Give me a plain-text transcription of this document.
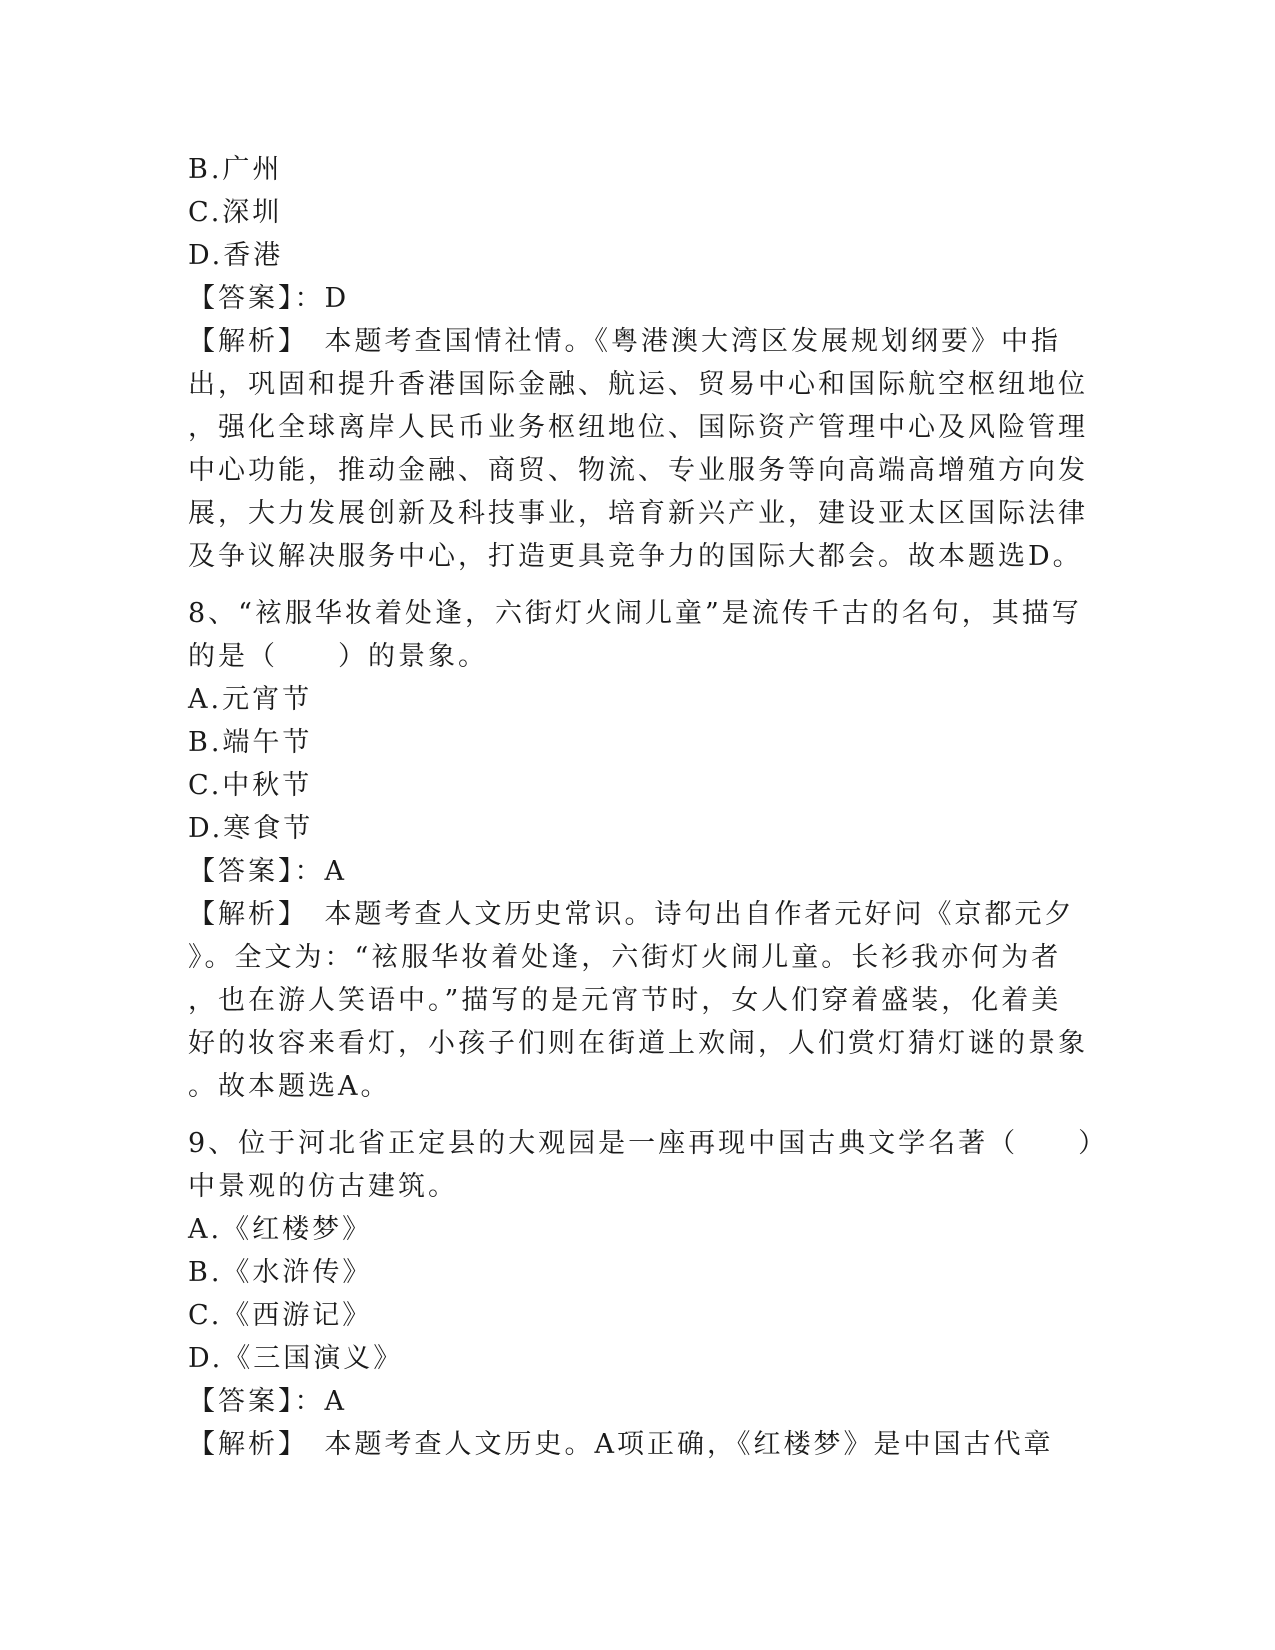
B.广州
C.深圳
D.香港
【答案】：D
【解析】　本题考查国情社情。《粤港澳大湾区发展规划纲要》中指
出，巩固和提升香港国际金融、航运、贸易中心和国际航空枢纽地位
，强化全球离岸人民币业务枢纽地位、国际资产管理中心及风险管理
中心功能，推动金融、商贸、物流、专业服务等向高端高增殖方向发
展，大力发展创新及科技事业，培育新兴产业，建设亚太区国际法律
及争议解决服务中心，打造更具竞争力的国际大都会。故本题选D。
8、“袨服华妆着处逢，六街灯火闹儿童”是流传千古的名句，其描写
的是（　　）的景象。
A.元宵节
B.端午节
C.中秋节
D.寒食节
【答案】：A
【解析】　本题考查人文历史常识。诗句出自作者元好问《京都元夕
》。全文为：“袨服华妆着处逢，六街灯火闹儿童。长衫我亦何为者
，也在游人笑语中。”描写的是元宵节时，女人们穿着盛装，化着美
好的妆容来看灯，小孩子们则在街道上欢闹，人们赏灯猜灯谜的景象
。故本题选A。
9、位于河北省正定县的大观园是一座再现中国古典文学名著（　　）
中景观的仿古建筑。
A.《红楼梦》
B.《水浒传》
C.《西游记》
D.《三国演义》
【答案】：A
【解析】　本题考查人文历史。A项正确，《红楼梦》是中国古代章
